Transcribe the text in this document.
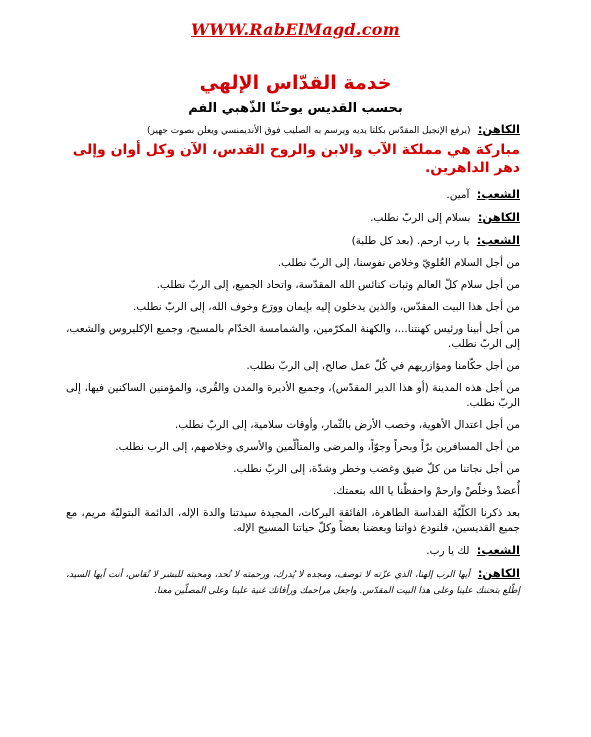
WWW.RabElMagd.com
خدمة القدّاس الإلهي
بحسب القديس يوحنّا الذّهبي الفم
الكاهن: (يرفع الإنجيل المقدّس بكلتا يديه ويرسم به الصليب فوق الأنديمنسي ويعلن بصوت جهير)
مباركة هي مملكة الآب والابن والروح القدس، الآن وكل أوان وإلى دهر الداهرين.
الشعب: آمين.
الكاهن: بسلام إلى الربّ نطلب.
الشعب: يا رب ارحم. (بعد كل طلبة)
من أجل السلام العُلويّ وخلاص نفوسنا، إلى الربّ نطلب.
من أجل سلام كلّ العالم وثبات كنائس الله المقدّسة، واتحاد الجميع، إلى الربّ نطلب.
من أجل هذا البيت المقدّس، والذين يدخلون إليه بإيمان وورَع وخوف الله، إلى الربّ نطلب.
من أجل أبينا ورئيس كهنتنا...، والكهنة المكرّمين، والشمامسة الخدّام بالمسيح، وجميع الإكليروس والشعب، إلى الربّ نطلب.
من أجل حكّامنا ومؤازريهم في كُلّ عمل صالح، إلى الربّ نطلب.
من أجل هذه المدينة (أو هذا الدير المقدّس)، وجميع الأديرة والمدن والقُرى، والمؤمنين الساكنين فيها، إلى الربّ نطلب.
من أجل اعتدال الأهوية، وخصب الأرض بالثّمار، وأوقات سلامية، إلى الربّ نطلب.
من أجل المسافرين برّاً وبحراً وجوّاً، والمرضى والمتألّمين والأسرى وخلاصهم، إلى الرب نطلب.
من أجل نجاتنا من كلّ ضيق وغضب وخطر وشدّة، إلى الربّ نطلب.
أُعضدْ وخلّصْ وارحمْ واحفظْنا يا الله بنعمتك.
بعد ذكرنا الكلّيّة القداسة الطاهرة، الفائقة البركات، المجيدة سيدتنا والدة الإله، الدائمة البتوليّة مريم، مع جميع القديسين، فلنودع ذواتنا وبعضنا بعضاً وكلّ حياتنا المسيح الإله.
الشعب: لك يا رب.
الكاهن: أيها الرب إلهنا، الذي عزّته لا توصف، ومجده لا يُدرك، ورحمته لا تُحد، ومحبته للبشر لا تُقاس، أنت أيها السيد، إطّلع بتحننك علينا وعلى هذا البيت المقدّس. واجعل مراحمك ورأفاتك غنية علينا وعلى المصلّين معنا.
